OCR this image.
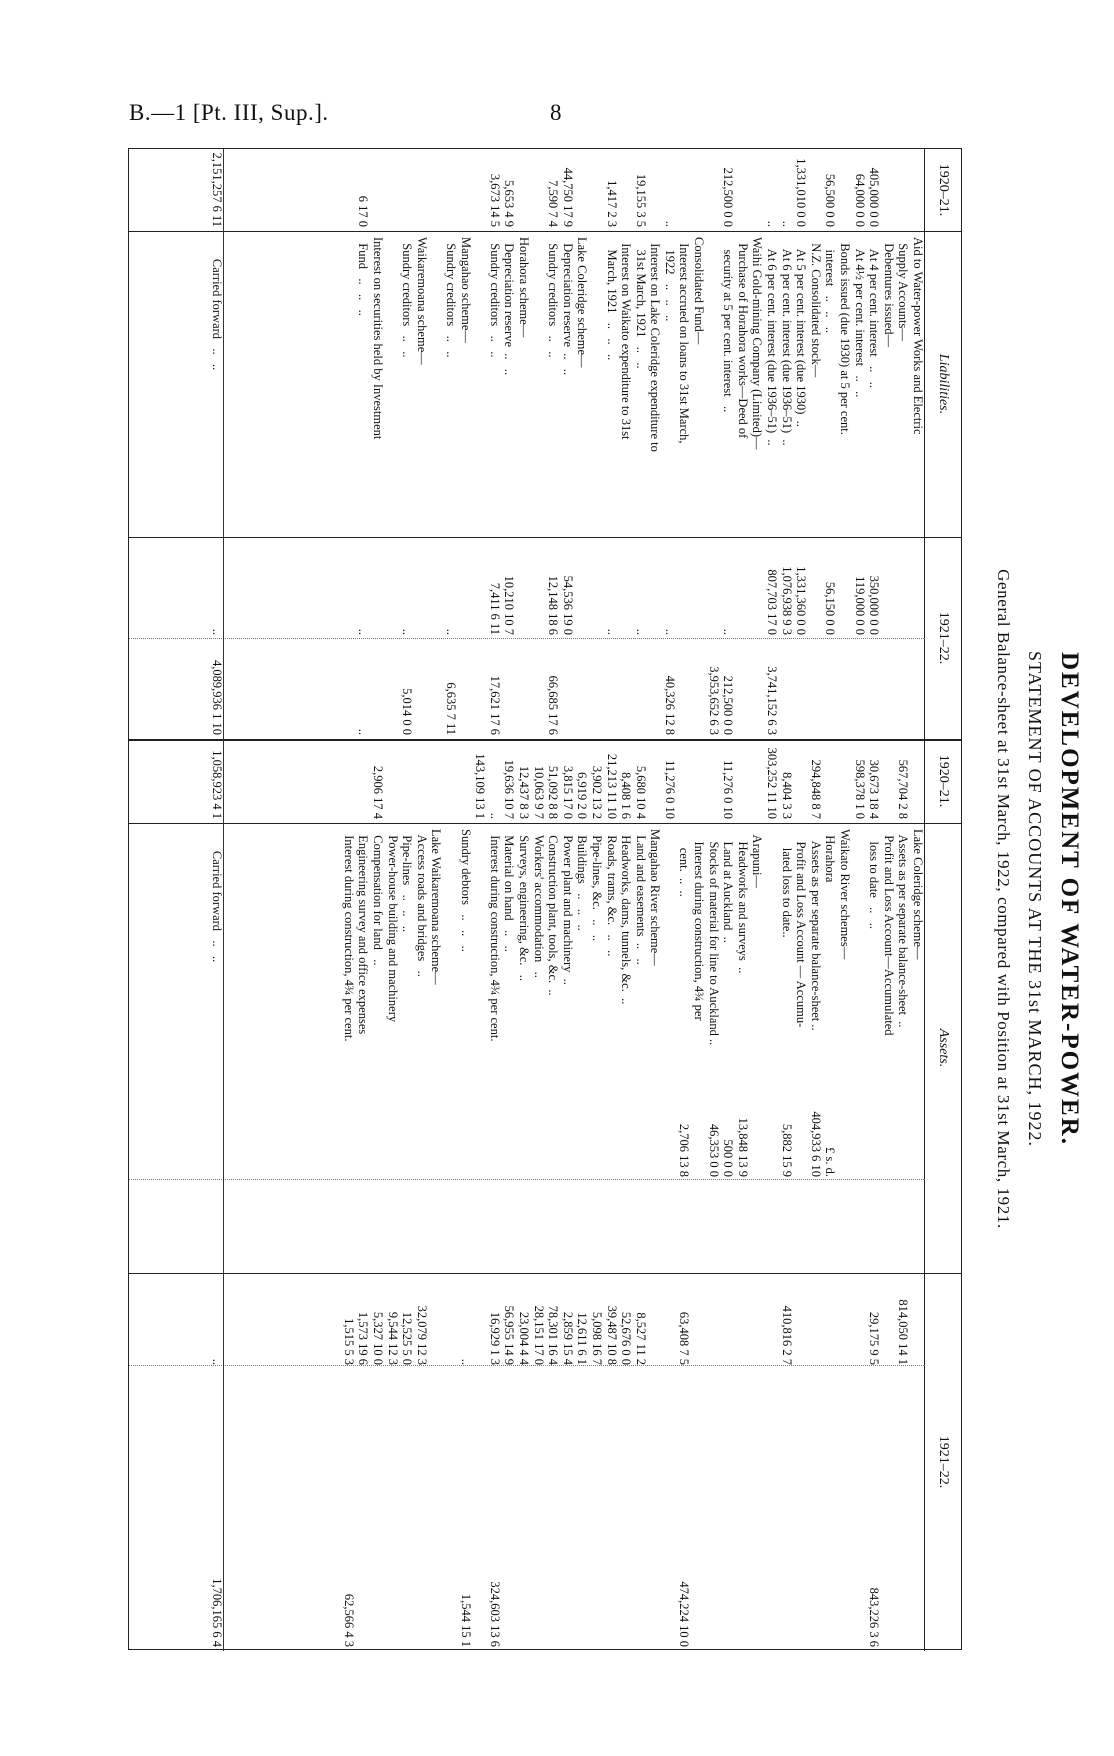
B.—1 [Pt. III, Sup.].	8
DEVELOPMENT OF WATER-POWER.
STATEMENT OF ACCOUNTS AT THE 31st MARCH, 1922.
General Balance-sheet at 31st March, 1922, compared with Position at 31st March, 1921.
1920–21.
Liabilities.
1921–22.
1920–21.
Assets.
1921–22.
Aid to Water-power Works and Electric
Supply Accounts—
Debentures issued—
405,000 0 0
At 4 per cent. interest   ..   ..
350,000 0 0
64,000 0 0
At 4½ per cent. interest   ..   ..
119,000 0 0
Bonds issued (due 1930) at 5 per cent.
56,500 0 0
interest   ..   ..   ..
56,150 0 0
N.Z. Consolidated stock—
1,331,010 0 0
At 5 per cent. interest (due 1930)  ..
1,331,360 0 0
..
At 6 per cent. interest (due 1936–51)  ..
1,076,938 9 3
..
At 6 per cent. interest (due 1936–51)  ..
807,703 17 0
3,741,152 6 3
Waihi Gold-mining Company (Limited)—
Purchase of Horahora works—Deed of
212,500 0 0
security at 5 per cent. interest   ..
..
212,500 0 0
3,953,652 6 3
Consolidated Fund—
Interest accrued on loans to 31st March,
..
1922   ..   ..   ..
..
40,326 12 8
Interest on Lake Coleridge expenditure to
19,155 3 5
31st March, 1921   ..   ..
..
Interest on Waikato expenditure to 31st
1,417 2 3
March, 1921   ..   ..   ..
..
Lake Coleridge scheme—
44,750 17 9
Depreciation reserve  ..   ..
54,536 19 0
7,590 7 4
Sundry creditors   ..   ..
12,148 18 6
66,685 17 6
Horahora scheme—
5,653 4 9
Depreciation reserve  ..   ..
10,210 10 7
3,673 14 5
Sundry creditors   ..   ..
7,411 6 11
17,621 17 6
Mangahao scheme—
Sundry creditors   ..   ..
..
6,635 7 11
Waikaremoana scheme—
Sundry creditors   ..   ..
..
5,014 0 0
Interest on securities held by Investment
6 17 0
Fund   ..   ..   ..
..
..
2,151,257 6 11
Carried forward   ..   ..
..
4,089,936 1 10
Lake Coleridge scheme—
567,704 2 8
Assets as per separate balance-sheet  ..
814,050 14 1
Profit and Loss Account—Accumulated
30,673 18 4
loss to date   ..   ..
29,175 9 5
843,226 3 6
598,378 1 0
Waikato River schemes—
Horahora
£ s. d.
294,848 8 7
Assets as per separate balance-sheet ..
404,933 6 10
Profit and Loss Account — Accumu-
8,404 3 3
lated loss to date..
5,882 15 9
410,816 2 7
303,252 11 10
Arapuni—
Headworks and surveys  ..
13,848 13 9
11,276 0 10
Land at Auckland  ..
500 0 0
Stocks of material for line to Auckland ..
46,353 0 0
Interest during construction, 4¾ per
cent.  ..  ..
2,706 13 8
63,408 7 5
474,224 10 0
11,276 0 10
Mangahao River scheme—
5,680 10 4
Land and easements  ..   ..
8,527 11 2
8,408 1 6
Headworks, dams, tunnels, &c.  ..
52,676 0 0
21,213 11 10
Roads, trams, &c.   ..   ..
39,487 10 8
3,902 13 2
Pipe-lines, &c.   ..   ..
5,098 16 7
6,919 2 0
Buildings   ..   ..   ..
12,611 6 1
3,815 17 0
Power plant and machinery  ..
2,859 15 4
51,092 8 8
Construction plant, tools, &c.  ..
78,301 16 4
10,063 9 7
Workers' accommodation   ..
28,151 17 0
12,437 8 3
Surveys, engineering, &c.   ..
23,004 4 4
19,636 10 7
Material on hand   ..   ..
56,955 14 9
..
Interest during construction, 4¾ per cent.
16,929 1 3
324,603 13 6
143,109 13 1
Sundry debtors   ..   ..   ..
..
1,544 15 1
Lake Waikaremoana scheme—
Access roads and bridges   ..
32,079 12 3
Pipe-lines   ..   ..   ..
12,525 5 0
Power-house building and machinery
9,544 12 3
2,906 17 4
Compensation for land   ..
5,327 10 0
Engineering survey and office expenses
1,573 19 6
Interest during construction, 4¾ per cent.
1,515 5 3
62,566 4 3
1,058,923 4 1
Carried forward   ..   ..
..
1,706,165 6 4
